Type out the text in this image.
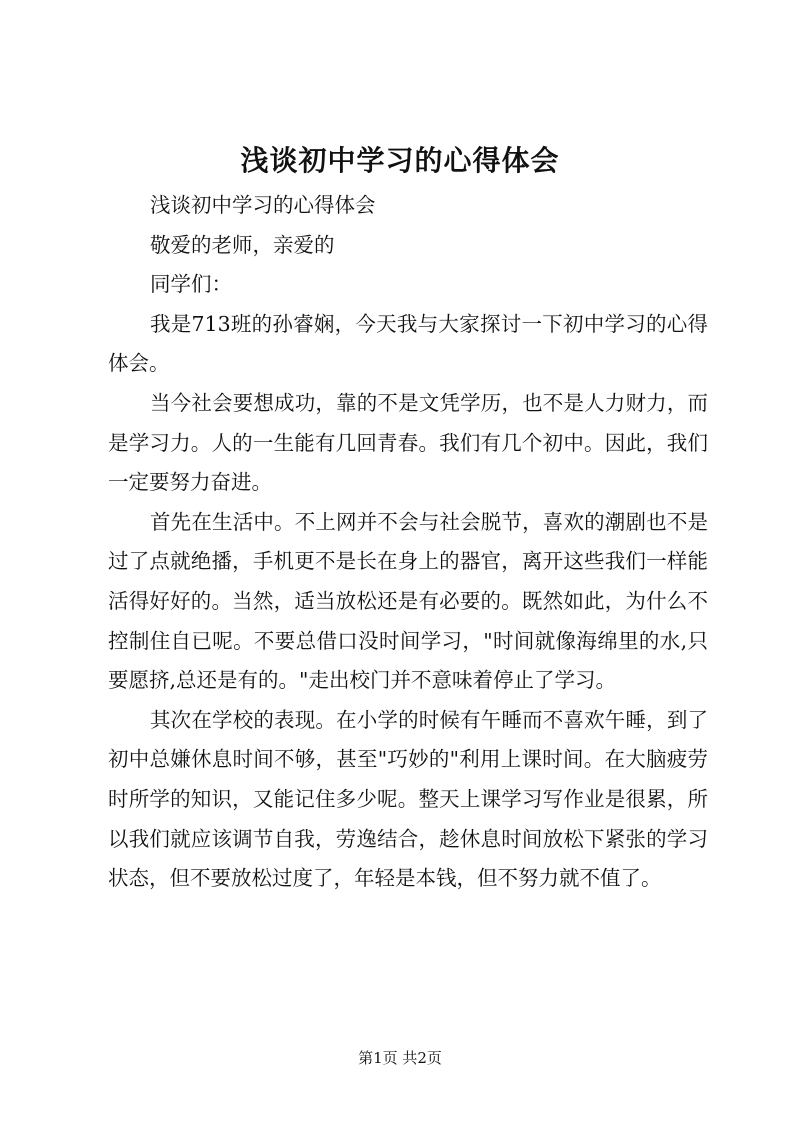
浅谈初中学习的心得体会

浅谈初中学习的心得体会

敬爱的老师，亲爱的

同学们：

我是713班的孙睿娴，今天我与大家探讨一下初中学习的心得体会。

当今社会要想成功，靠的不是文凭学历，也不是人力财力，而是学习力。人的一生能有几回青春。我们有几个初中。因此，我们一定要努力奋进。

首先在生活中。不上网并不会与社会脱节，喜欢的潮剧也不是过了点就绝播，手机更不是长在身上的器官，离开这些我们一样能活得好好的。当然，适当放松还是有必要的。既然如此，为什么不控制住自已呢。不要总借口没时间学习，"时间就像海绵里的水,只要愿挤,总还是有的。"走出校门并不意味着停止了学习。

其次在学校的表现。在小学的时候有午睡而不喜欢午睡，到了初中总嫌休息时间不够，甚至"巧妙的"利用上课时间。在大脑疲劳时所学的知识，又能记住多少呢。整天上课学习写作业是很累，所以我们就应该调节自我，劳逸结合，趁休息时间放松下紧张的学习状态，但不要放松过度了，年轻是本钱，但不努力就不值了。

第1页 共2页
